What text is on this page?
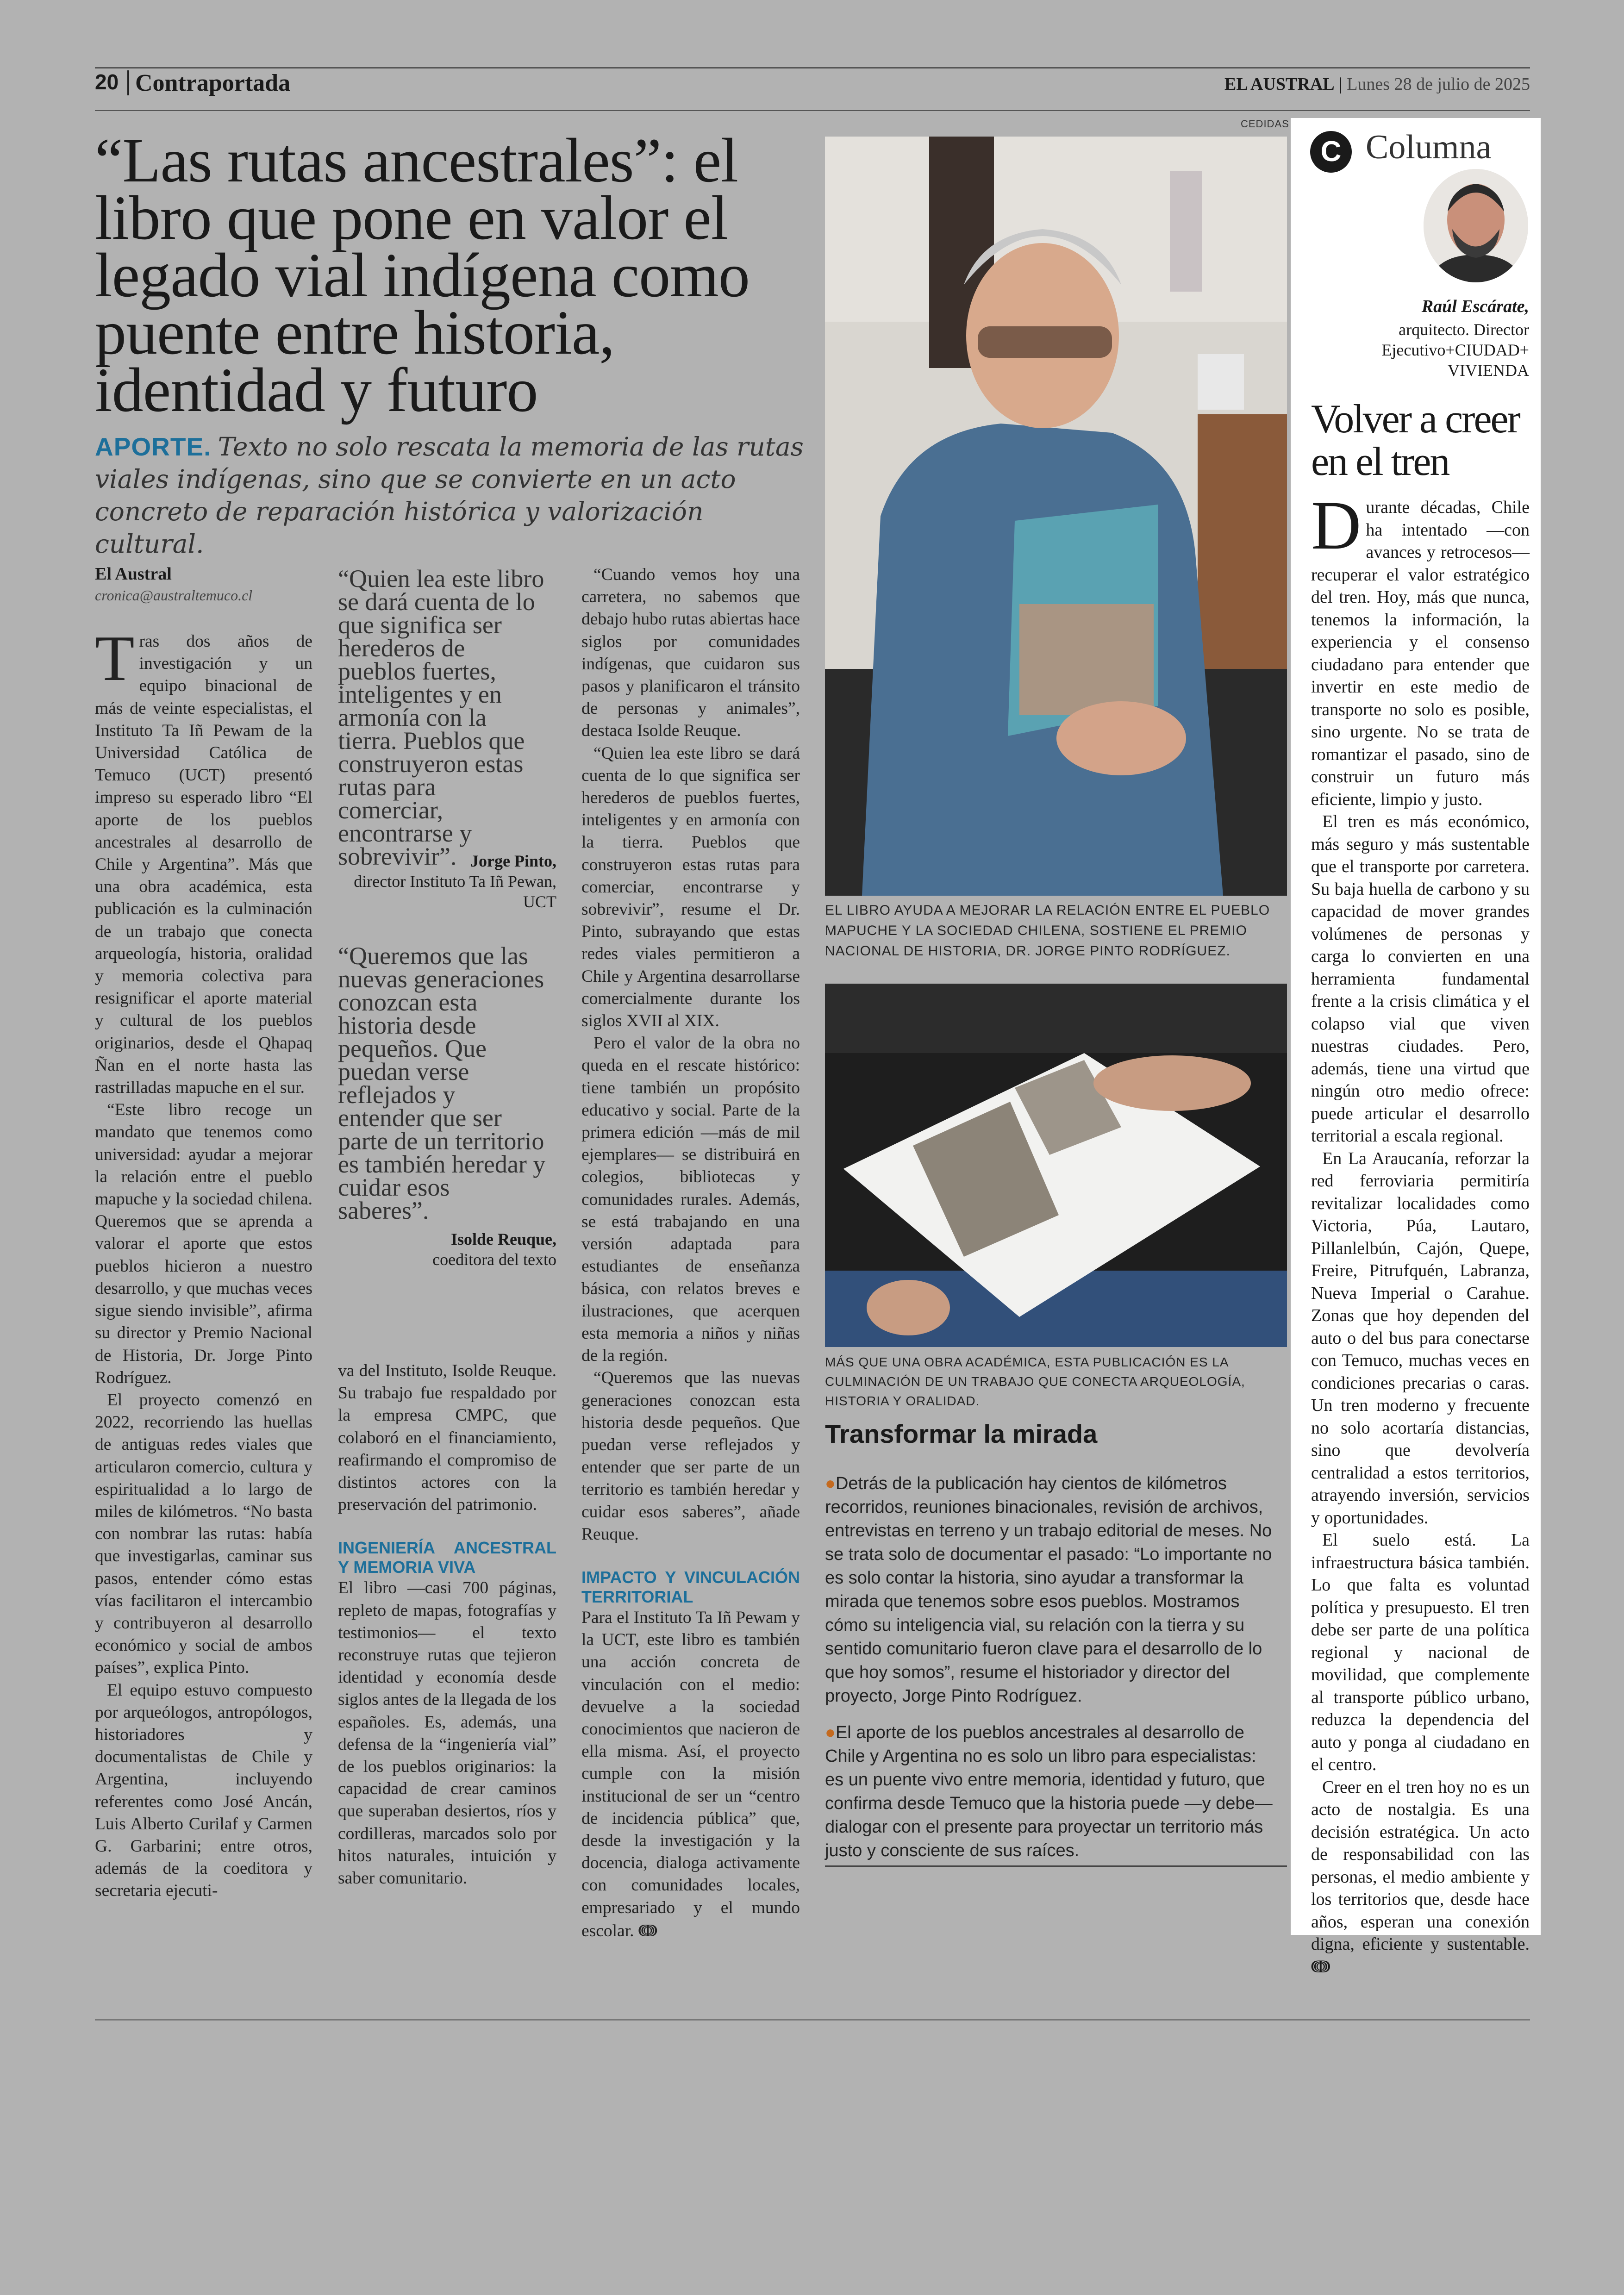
20 Contraportada	EL AUSTRAL | Lunes 28 de julio de 2025
“Las rutas ancestrales”: el libro que pone en valor el legado vial indígena como puente entre historia, identidad y futuro
APORTE. Texto no solo rescata la memoria de las rutas viales indígenas, sino que se convierte en un acto concreto de reparación histórica y valorización cultural.
El Austral
cronica@australtemuco.cl

Tras dos años de investigación y un equipo binacional de más de veinte especialistas, el Instituto Ta Iñ Pewam de la Universidad Católica de Temuco (UCT) presentó impreso su esperado libro “El aporte de los pueblos ancestrales al desarrollo de Chile y Argentina”. Más que una obra académica, esta publicación es la culminación de un trabajo que conecta arqueología, historia, oralidad y memoria colectiva para resignificar el aporte material y cultural de los pueblos originarios, desde el Qhapaq Ñan en el norte hasta las rastrilladas mapuche en el sur.

“Este libro recoge un mandato que tenemos como universidad: ayudar a mejorar la relación entre el pueblo mapuche y la sociedad chilena. Queremos que se aprenda a valorar el aporte que estos pueblos hicieron a nuestro desarrollo, y que muchas veces sigue siendo invisible”, afirma su director y Premio Nacional de Historia, Dr. Jorge Pinto Rodríguez.

El proyecto comenzó en 2022, recorriendo las huellas de antiguas redes viales que articularon comercio, cultura y espiritualidad a lo largo de miles de kilómetros. “No basta con nombrar las rutas: había que investigarlas, caminar sus pasos, entender cómo estas vías facilitaron el intercambio y contribuyeron al desarrollo económico y social de ambos países”, explica Pinto.

El equipo estuvo compuesto por arqueólogos, antropólogos, historiadores y documentalistas de Chile y Argentina, incluyendo referentes como José Ancán, Luis Alberto Curilaf y Carmen G. Garbarini; entre otros, además de la coeditora y secretaria ejecuti-

“Quien lea este libro se dará cuenta de lo que significa ser herederos de pueblos fuertes, inteligentes y en armonía con la tierra. Pueblos que construyeron estas rutas para comerciar, encontrarse y sobrevivir”. Jorge Pinto,
director Instituto Ta Iñ Pewan, UCT
“Queremos que las nuevas generaciones conozcan esta historia desde pequeños. Que puedan verse reflejados y entender que ser parte de un territorio es también heredar y cuidar esos saberes”.
Isolde Reuque,
coeditora del texto

va del Instituto, Isolde Reuque. Su trabajo fue respaldado por la empresa CMPC, que colaboró en el financiamiento, reafirmando el compromiso de distintos actores con la preservación del patrimonio.

INGENIERÍA ANCESTRAL Y MEMORIA VIVA

El libro —casi 700 páginas, repleto de mapas, fotografías y testimonios— el texto reconstruye rutas que tejieron identidad y economía desde siglos antes de la llegada de los españoles. Es, además, una defensa de la “ingeniería vial” de los pueblos originarios: la capacidad de crear caminos que superaban desiertos, ríos y cordilleras, marcados solo por hitos naturales, intuición y saber comunitario.

“Cuando vemos hoy una carretera, no sabemos que debajo hubo rutas abiertas hace siglos por comunidades indígenas, que cuidaron sus pasos y planificaron el tránsito de personas y animales”, destaca Isolde Reuque.

“Quien lea este libro se dará cuenta de lo que significa ser herederos de pueblos fuertes, inteligentes y en armonía con la tierra. Pueblos que construyeron estas rutas para comerciar, encontrarse y sobrevivir”, resume el Dr. Pinto, subrayando que estas redes viales permitieron a Chile y Argentina desarrollarse comercialmente durante los siglos XVII al XIX.

Pero el valor de la obra no queda en el rescate histórico: tiene también un propósito educativo y social. Parte de la primera edición —más de mil ejemplares— se distribuirá en colegios, bibliotecas y comunidades rurales. Además, se está trabajando en una versión adaptada para estudiantes de enseñanza básica, con relatos breves e ilustraciones, que acerquen esta memoria a niños y niñas de la región.

“Queremos que las nuevas generaciones conozcan esta historia desde pequeños. Que puedan verse reflejados y entender que ser parte de un territorio es también heredar y cuidar esos saberes”, añade Reuque.

IMPACTO Y VINCULACIÓN TERRITORIAL

Para el Instituto Ta Iñ Pewam y la UCT, este libro es también una acción concreta de vinculación con el medio: devuelve a la sociedad conocimientos que nacieron de ella misma. Así, el proyecto cumple con la misión institucional de ser un “centro de incidencia pública” que, desde la investigación y la docencia, dialoga activamente con comunidades locales, empresariado y el mundo escolar. ↈ

CEDIDAS
EL LIBRO AYUDA A MEJORAR LA RELACIÓN ENTRE EL PUEBLO MAPUCHE Y LA SOCIEDAD CHILENA, SOSTIENE EL PREMIO NACIONAL DE HISTORIA, DR. JORGE PINTO RODRÍGUEZ.
MÁS QUE UNA OBRA ACADÉMICA, ESTA PUBLICACIÓN ES LA CULMINACIÓN DE UN TRABAJO QUE CONECTA ARQUEOLOGÍA, HISTORIA Y ORALIDAD.
Transformar la mirada
●Detrás de la publicación hay cientos de kilómetros recorridos, reuniones binacionales, revisión de archivos, entrevistas en terreno y un trabajo editorial de meses. No se trata solo de documentar el pasado: “Lo importante no es solo contar la historia, sino ayudar a transformar la mirada que tenemos sobre esos pueblos. Mostramos cómo su inteligencia vial, su relación con la tierra y su sentido comunitario fueron clave para el desarrollo de lo que hoy somos”, resume el historiador y director del proyecto, Jorge Pinto Rodríguez.
●El aporte de los pueblos ancestrales al desarrollo de Chile y Argentina no es solo un libro para especialistas: es un puente vivo entre memoria, identidad y futuro, que confirma desde Temuco que la historia puede —y debe— dialogar con el presente para proyectar un territorio más justo y consciente de sus raíces.
C Columna
Raúl Escárate,
arquitecto. Director Ejecutivo+CIUDAD+ VIVIENDA
Volver a creer en el tren

Durante décadas, Chile ha intentado —con avances y retrocesos— recuperar el valor estratégico del tren. Hoy, más que nunca, tenemos la información, la experiencia y el consenso ciudadano para entender que invertir en este medio de transporte no solo es posible, sino urgente. No se trata de romantizar el pasado, sino de construir un futuro más eficiente, limpio y justo.

El tren es más económico, más seguro y más sustentable que el transporte por carretera. Su baja huella de carbono y su capacidad de mover grandes volúmenes de personas y carga lo convierten en una herramienta fundamental frente a la crisis climática y el colapso vial que viven nuestras ciudades. Pero, además, tiene una virtud que ningún otro medio ofrece: puede articular el desarrollo territorial a escala regional.

En La Araucanía, reforzar la red ferroviaria permitiría revitalizar localidades como Victoria, Púa, Lautaro, Pillanlelbún, Cajón, Quepe, Freire, Pitrufquén, Labranza, Nueva Imperial o Carahue. Zonas que hoy dependen del auto o del bus para conectarse con Temuco, muchas veces en condiciones precarias o caras. Un tren moderno y frecuente no solo acortaría distancias, sino que devolvería centralidad a estos territorios, atrayendo inversión, servicios y oportunidades.

El suelo está. La infraestructura básica también. Lo que falta es voluntad política y presupuesto. El tren debe ser parte de una política regional y nacional de movilidad, que complemente al transporte público urbano, reduzca la dependencia del auto y ponga al ciudadano en el centro.

Creer en el tren hoy no es un acto de nostalgia. Es una decisión estratégica. Un acto de responsabilidad con las personas, el medio ambiente y los territorios que, desde hace años, esperan una conexión digna, eficiente y sustentable. ↈ
